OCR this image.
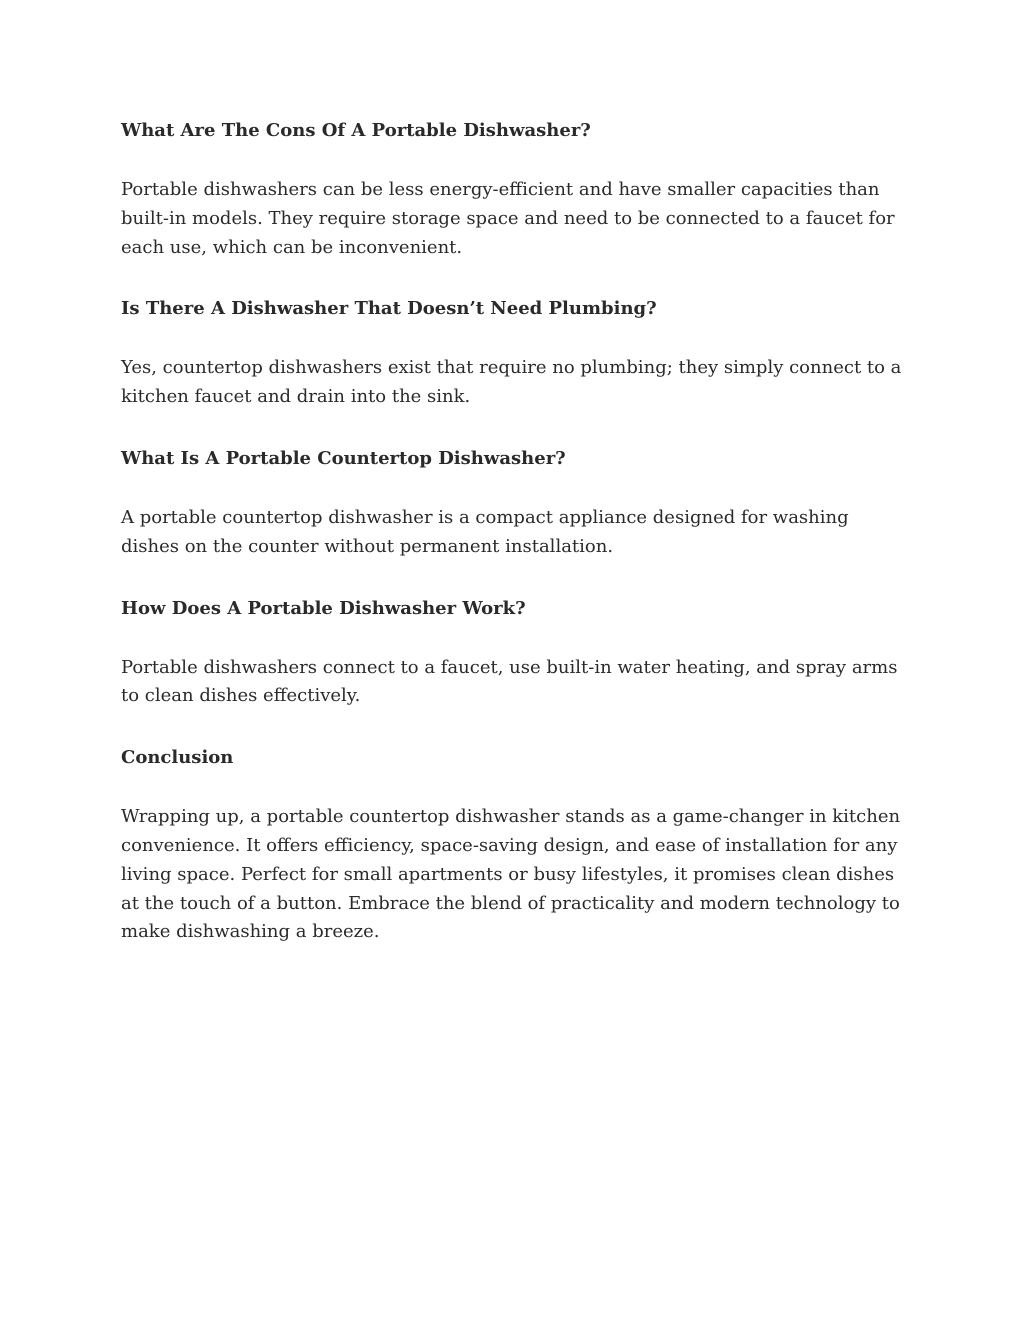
What Are The Cons Of A Portable Dishwasher?

Portable dishwashers can be less energy-efficient and have smaller capacities than built-in models. They require storage space and need to be connected to a faucet for each use, which can be inconvenient.

Is There A Dishwasher That Doesn’t Need Plumbing?

Yes, countertop dishwashers exist that require no plumbing; they simply connect to a kitchen faucet and drain into the sink.

What Is A Portable Countertop Dishwasher?

A portable countertop dishwasher is a compact appliance designed for washing dishes on the counter without permanent installation.

How Does A Portable Dishwasher Work?

Portable dishwashers connect to a faucet, use built-in water heating, and spray arms to clean dishes effectively.

Conclusion

Wrapping up, a portable countertop dishwasher stands as a game-changer in kitchen convenience. It offers efficiency, space-saving design, and ease of installation for any living space. Perfect for small apartments or busy lifestyles, it promises clean dishes at the touch of a button. Embrace the blend of practicality and modern technology to make dishwashing a breeze.
